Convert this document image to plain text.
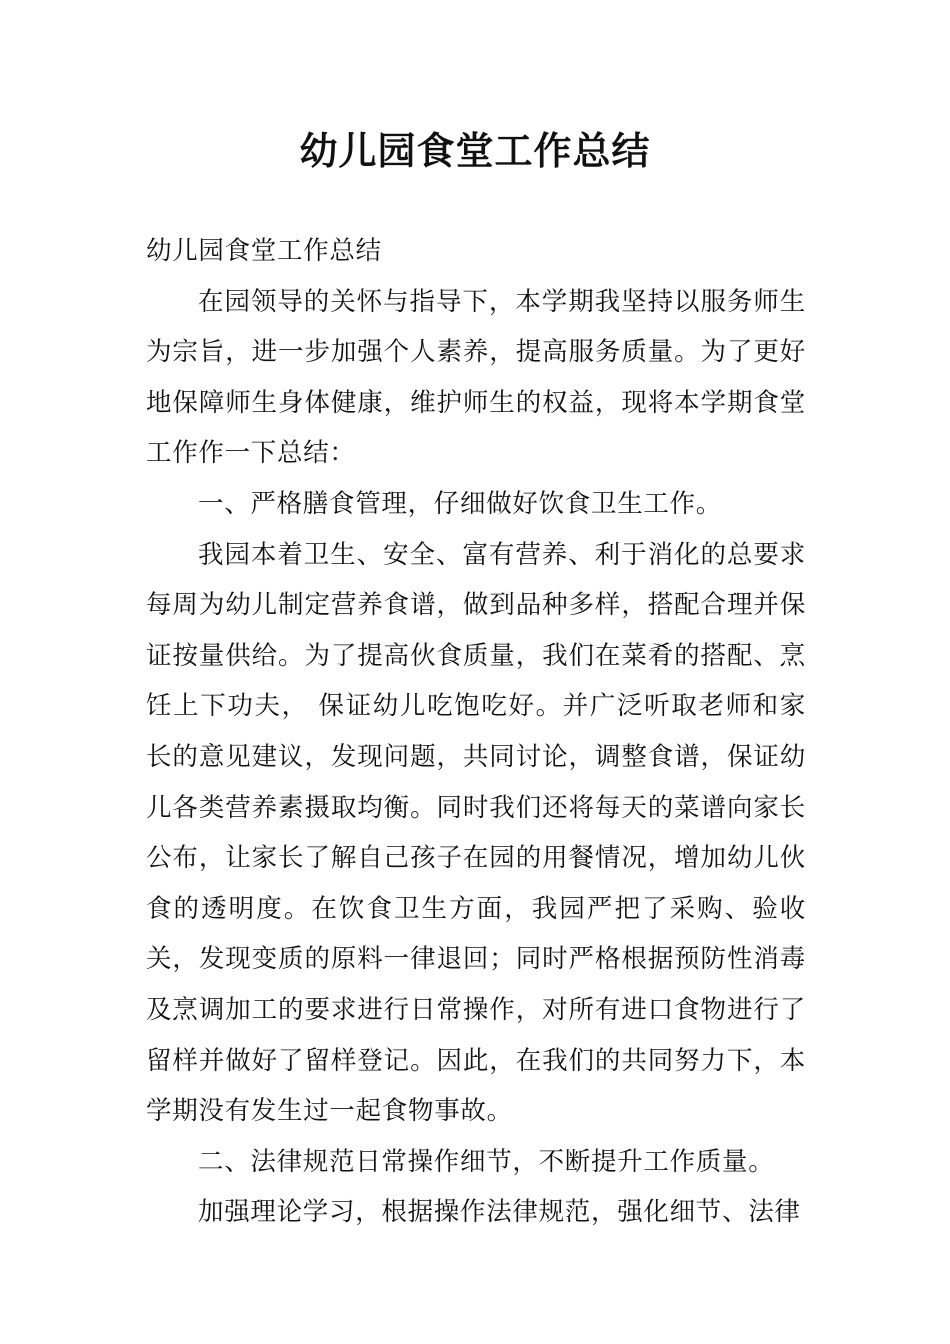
幼儿园食堂工作总结

幼儿园食堂工作总结

在园领导的关怀与指导下，本学期我坚持以服务师生为宗旨，进一步加强个人素养，提高服务质量。为了更好地保障师生身体健康，维护师生的权益，现将本学期食堂工作作一下总结：

一、严格膳食管理，仔细做好饮食卫生工作。

我园本着卫生、安全、富有营养、利于消化的总要求每周为幼儿制定营养食谱，做到品种多样，搭配合理并保证按量供给。为了提高伙食质量，我们在菜肴的搭配、烹饪上下功夫， 保证幼儿吃饱吃好。并广泛听取老师和家长的意见建议，发现问题，共同讨论，调整食谱，保证幼儿各类营养素摄取均衡。同时我们还将每天的菜谱向家长公布，让家长了解自己孩子在园的用餐情况，增加幼儿伙食的透明度。在饮食卫生方面，我园严把了采购、验收关，发现变质的原料一律退回；同时严格根据预防性消毒及烹调加工的要求进行日常操作，对所有进口食物进行了留样并做好了留样登记。因此，在我们的共同努力下，本学期没有发生过一起食物事故。

二、法律规范日常操作细节，不断提升工作质量。

加强理论学习，根据操作法律规范，强化细节、法律
